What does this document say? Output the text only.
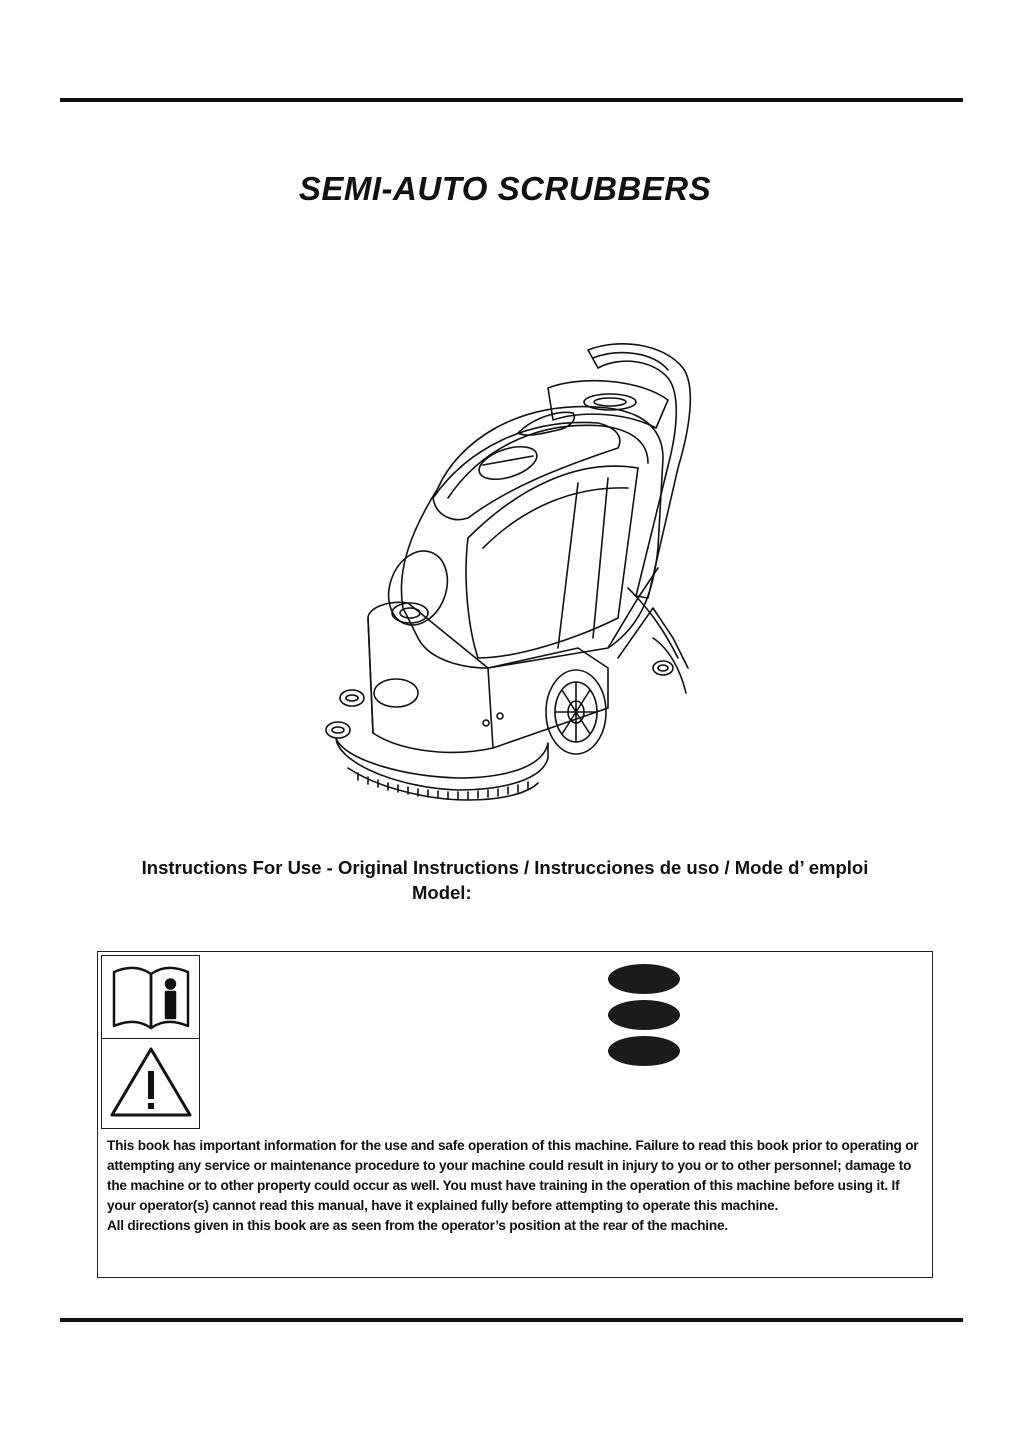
SEMI-AUTO SCRUBBERS
Instructions For Use - Original Instructions / Instrucciones de uso / Mode d’ emploi
Model:

This book has important information for the use and safe operation of this machine. Failure to read this book prior to operating or attempting any service or maintenance procedure to your machine could result in injury to you or to other personnel; damage to the machine or to other property could occur as well. You must have training in the operation of this machine before using it. If your operator(s) cannot read this manual, have it explained fully before attempting to operate this machine.

All directions given in this book are as seen from the operator’s position at the rear of the machine.
